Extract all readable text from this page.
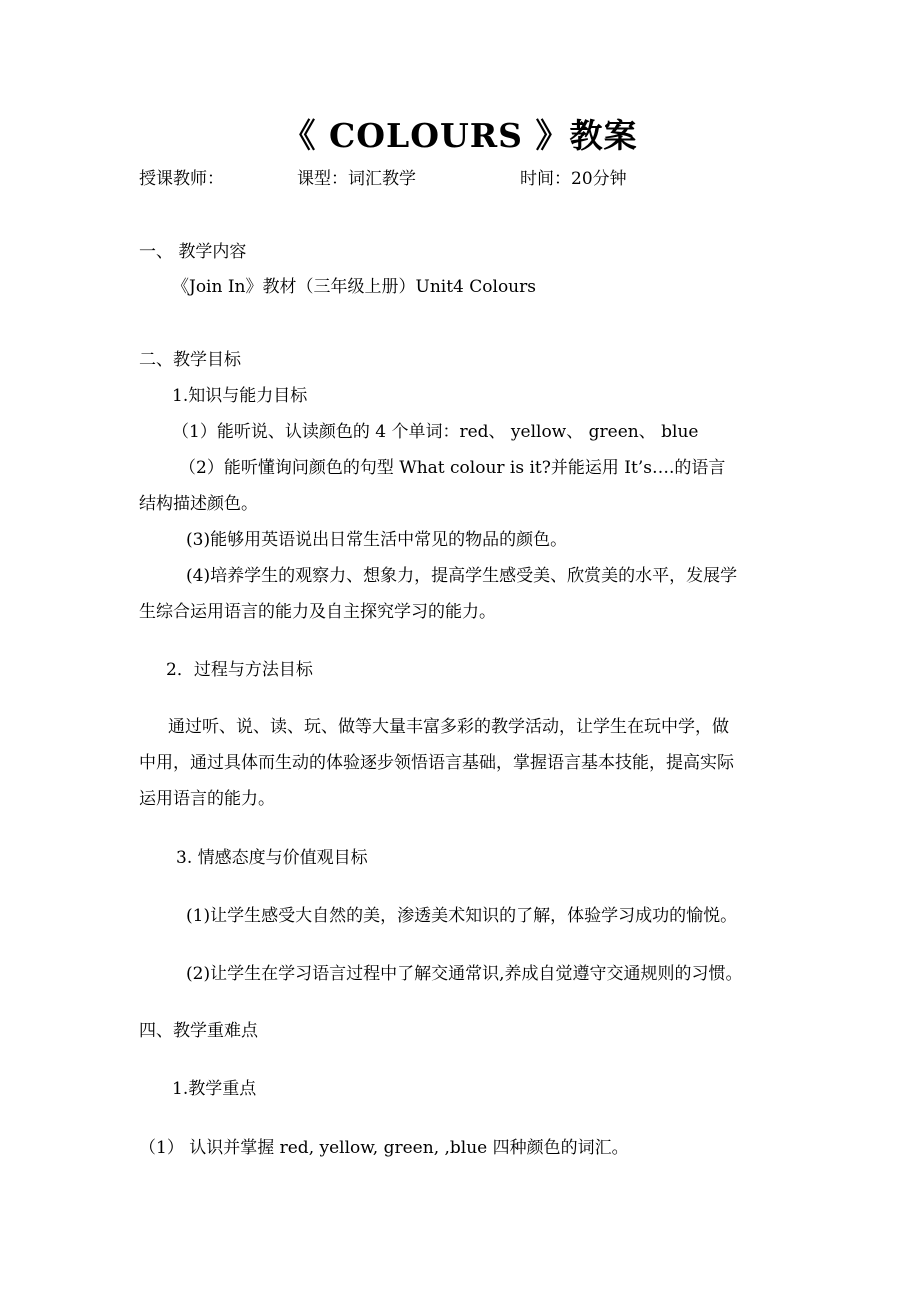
《 COLOURS 》教案
授课教师：	课型：词汇教学	时间：20分钟
一、 教学内容
《Join In》教材（三年级上册）Unit4 Colours
二、教学目标
1.知识与能力目标
（1）能听说、认读颜色的 4 个单词：red、 yellow、 green、 blue
（2）能听懂询问颜色的句型 What colour is it?并能运用 It’s….的语言
结构描述颜色。
(3)能够用英语说出日常生活中常见的物品的颜色。
(4)培养学生的观察力、想象力，提高学生感受美、欣赏美的水平，发展学
生综合运用语言的能力及自主探究学习的能力。
2．过程与方法目标
通过听、说、读、玩、做等大量丰富多彩的教学活动，让学生在玩中学，做
中用，通过具体而生动的体验逐步领悟语言基础，掌握语言基本技能，提高实际
运用语言的能力。
3. 情感态度与价值观目标
(1)让学生感受大自然的美，渗透美术知识的了解，体验学习成功的愉悦。
(2)让学生在学习语言过程中了解交通常识,养成自觉遵守交通规则的习惯。
四、教学重难点
1.教学重点
（1） 认识并掌握 red, yellow, green, ,blue 四种颜色的词汇。
